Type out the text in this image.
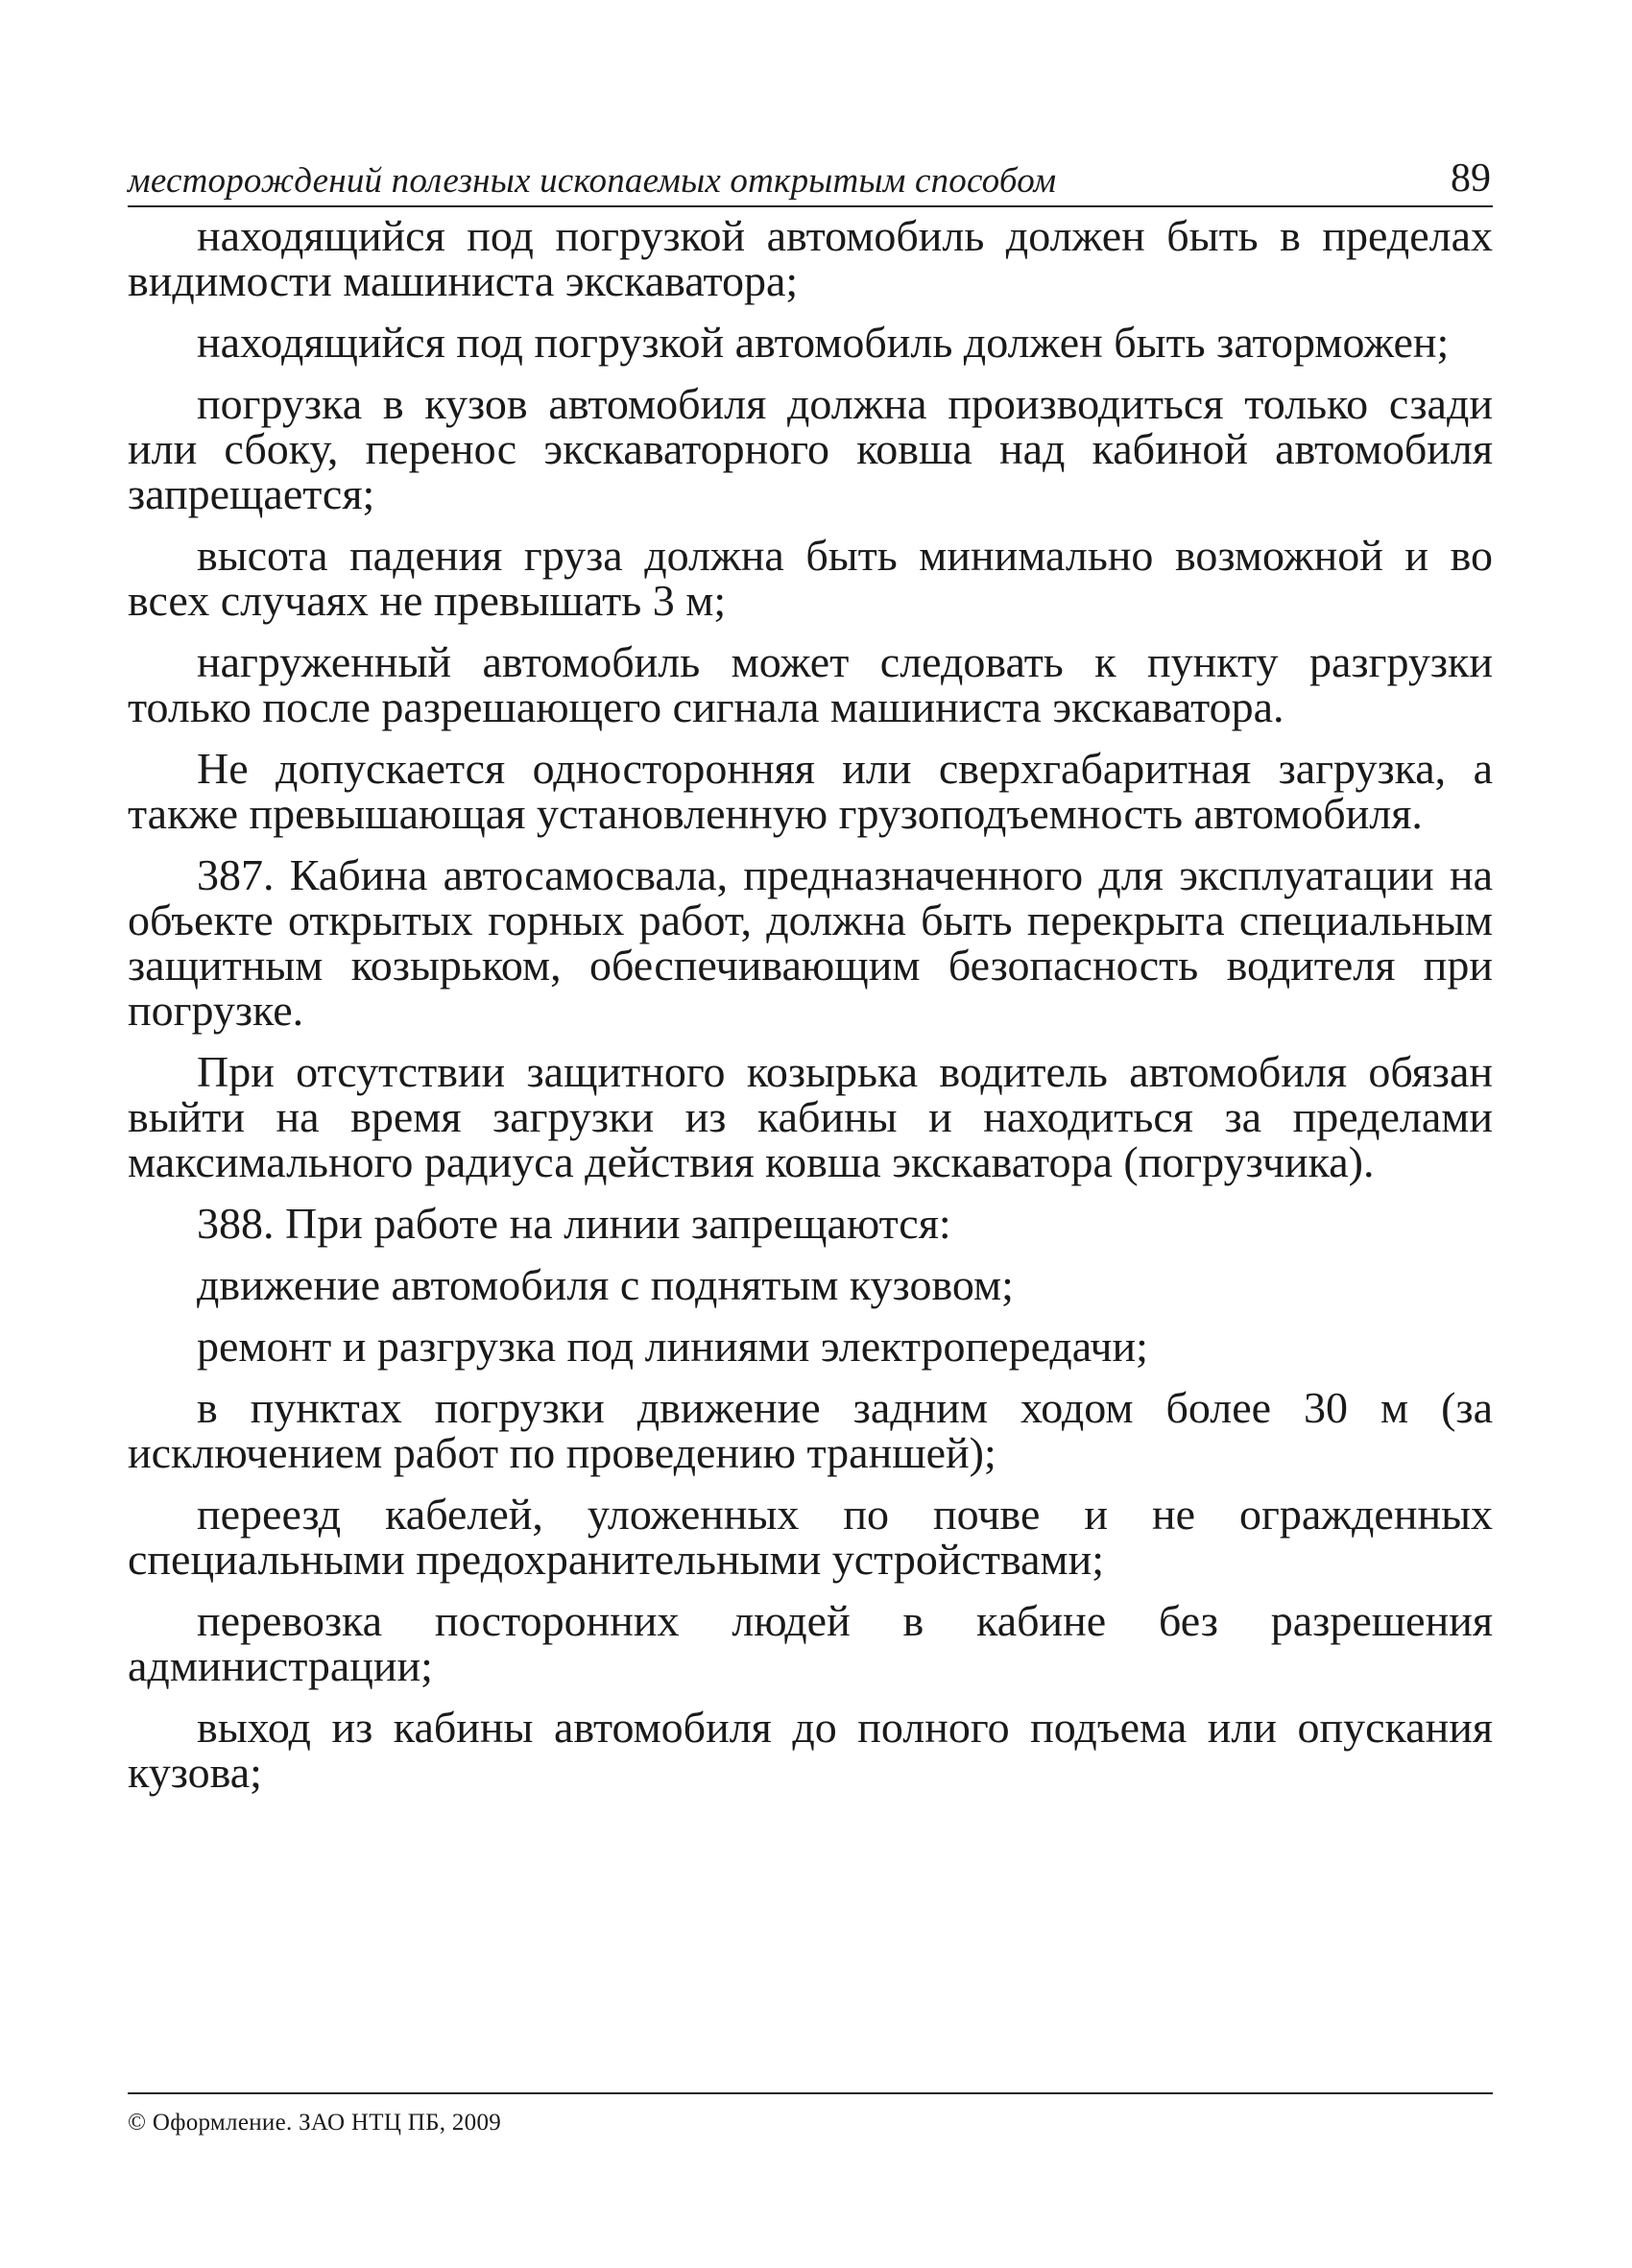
месторождений полезных ископаемых открытым способом	89

находящийся под погрузкой автомобиль должен быть в пределах видимости машиниста экскаватора;

находящийся под погрузкой автомобиль должен быть заторможен;

погрузка в кузов автомобиля должна производиться только сзади или сбоку, перенос экскаваторного ковша над кабиной автомобиля запрещается;

высота падения груза должна быть минимально возможной и во всех случаях не превышать 3 м;

нагруженный автомобиль может следовать к пункту разгрузки только после разрешающего сигнала машиниста экскаватора.

Не допускается односторонняя или сверхгабаритная загрузка, а также превышающая установленную грузоподъемность автомобиля.

387. Кабина автосамосвала, предназначенного для эксплуатации на объекте открытых горных работ, должна быть перекрыта специальным защитным козырьком, обеспечивающим безопасность водителя при погрузке.

При отсутствии защитного козырька водитель автомобиля обязан выйти на время загрузки из кабины и находиться за пределами максимального радиуса действия ковша экскаватора (погрузчика).

388. При работе на линии запрещаются:

движение автомобиля с поднятым кузовом;

ремонт и разгрузка под линиями электропередачи;

в пунктах погрузки движение задним ходом более 30 м (за исключением работ по проведению траншей);

переезд кабелей, уложенных по почве и не огражденных специальными предохранительными устройствами;

перевозка посторонних людей в кабине без разрешения администрации;

выход из кабины автомобиля до полного подъема или опускания кузова;

© Оформление. ЗАО НТЦ ПБ, 2009
